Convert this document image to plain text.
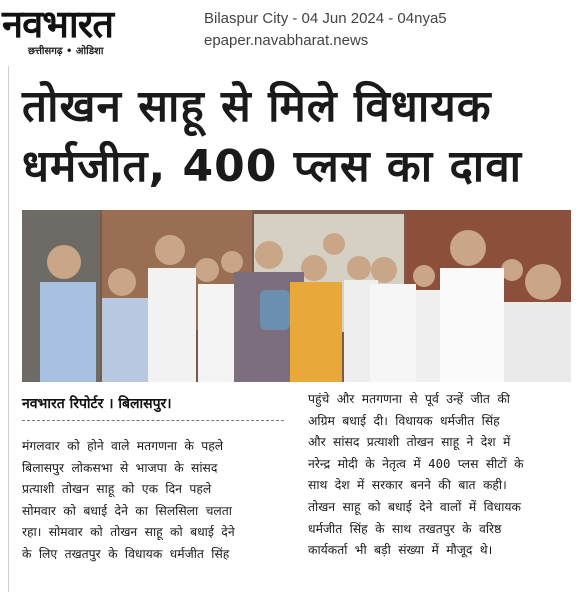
नवभारत
छत्तीसगढ़ • ओडिशा
Bilaspur City - 04 Jun 2024 - 04nya5
epaper.navabharat.news
तोखन साहू से मिले विधायक
धर्मजीत, 400 प्लस का दावा
नवभारत रिपोर्टर । बिलासपुर।
मंगलवार को होने वाले मतगणना के पहले
बिलासपुर लोकसभा से भाजपा के सांसद
प्रत्याशी तोखन साहू को एक दिन पहले
सोमवार को बधाई देने का सिलसिला चलता
रहा। सोमवार को तोखन साहू को बधाई देने
के लिए तखतपुर के विधायक धर्मजीत सिंह
पहुंचे और मतगणना से पूर्व उन्हें जीत की
अग्रिम बधाई दी। विधायक धर्मजीत सिंह
और सांसद प्रत्याशी तोखन साहू ने देश में
नरेन्द्र मोदी के नेतृत्व में 400 प्लस सीटों के
साथ देश में सरकार बनने की बात कही।
तोखन साहू को बधाई देने वालों में विधायक
धर्मजीत सिंह के साथ तखतपुर के वरिष्ठ
कार्यकर्ता भी बड़ी संख्या में मौजूद थे।
